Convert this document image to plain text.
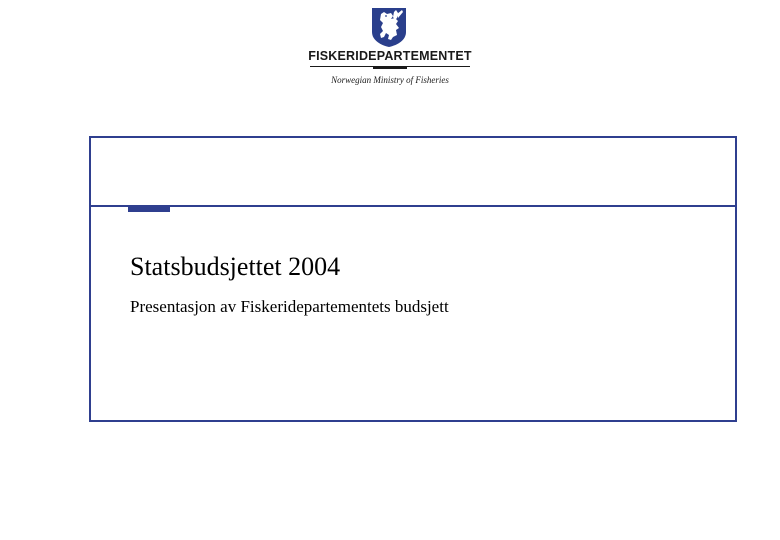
FISKERIDEPARTEMENTET
Norwegian Ministry of Fisheries
Statsbudsjettet 2004
Presentasjon av Fiskeridepartementets budsjett
